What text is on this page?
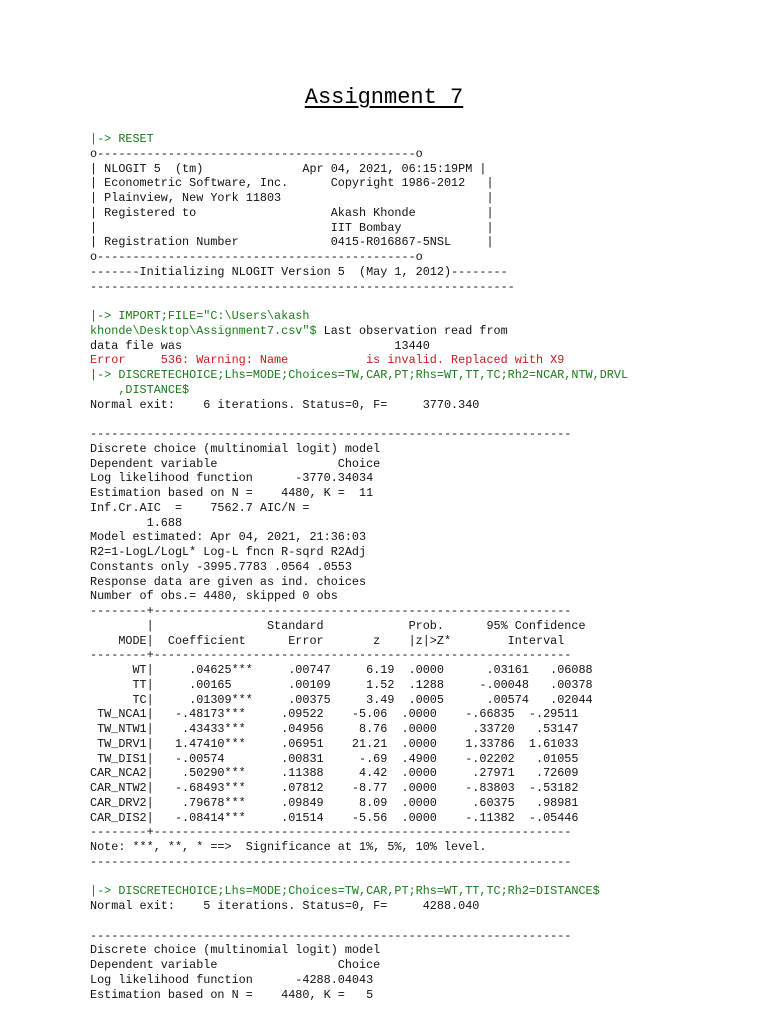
Assignment 7
|-> RESET
o---------------------------------------------o
| NLOGIT 5  (tm)              Apr 04, 2021, 06:15:19PM |
| Econometric Software, Inc.      Copyright 1986-2012   |
| Plainview, New York 11803                             |
| Registered to                   Akash Khonde          |
|                                 IIT Bombay            |
| Registration Number             0415-R016867-5NSL     |
o---------------------------------------------o
-------Initializing NLOGIT Version 5  (May 1, 2012)--------
------------------------------------------------------------
|-> IMPORT;FILE="C:\Users\akash
khonde\Desktop\Assignment7.csv"$ Last observation read from
data file was                              13440
Error     536: Warning: Name           is invalid. Replaced with X9
|-> DISCRETECHOICE;Lhs=MODE;Choices=TW,CAR,PT;Rhs=WT,TT,TC;Rh2=NCAR,NTW,DRVL
,DISTANCE$
Normal exit:    6 iterations. Status=0, F=     3770.340
--------------------------------------------------------------------
Discrete choice (multinomial logit) model
Dependent variable                 Choice
Log likelihood function      -3770.34034
Estimation based on N =    4480, K =  11
Inf.Cr.AIC  =    7562.7 AIC/N =
1.688
Model estimated: Apr 04, 2021, 21:36:03
R2=1-LogL/LogL* Log-L fncn R-sqrd R2Adj
Constants only -3995.7783 .0564 .0553
Response data are given as ind. choices
Number of obs.= 4480, skipped 0 obs
--------+-----------------------------------------------------------
|                Standard            Prob.      95% Confidence
MODE|  Coefficient      Error       z    |z|>Z*        Interval
--------+-----------------------------------------------------------
WT|     .04625***     .00747     6.19  .0000      .03161   .06088
TT|     .00165        .00109     1.52  .1288     -.00048   .00378
TC|     .01309***     .00375     3.49  .0005      .00574   .02044
TW_NCA1|   -.48173***     .09522    -5.06  .0000    -.66835  -.29511
TW_NTW1|    .43433***     .04956     8.76  .0000     .33720   .53147
TW_DRV1|   1.47410***     .06951    21.21  .0000    1.33786  1.61033
TW_DIS1|   -.00574        .00831     -.69  .4900    -.02202   .01055
CAR_NCA2|    .50290***     .11388     4.42  .0000     .27971   .72609
CAR_NTW2|   -.68493***     .07812    -8.77  .0000    -.83803  -.53182
CAR_DRV2|    .79678***     .09849     8.09  .0000     .60375   .98981
CAR_DIS2|   -.08414***     .01514    -5.56  .0000    -.11382  -.05446
--------+-----------------------------------------------------------
Note: ***, **, * ==>  Significance at 1%, 5%, 10% level.
--------------------------------------------------------------------
|-> DISCRETECHOICE;Lhs=MODE;Choices=TW,CAR,PT;Rhs=WT,TT,TC;Rh2=DISTANCE$
Normal exit:    5 iterations. Status=0, F=     4288.040
--------------------------------------------------------------------
Discrete choice (multinomial logit) model
Dependent variable                 Choice
Log likelihood function      -4288.04043
Estimation based on N =    4480, K =   5
